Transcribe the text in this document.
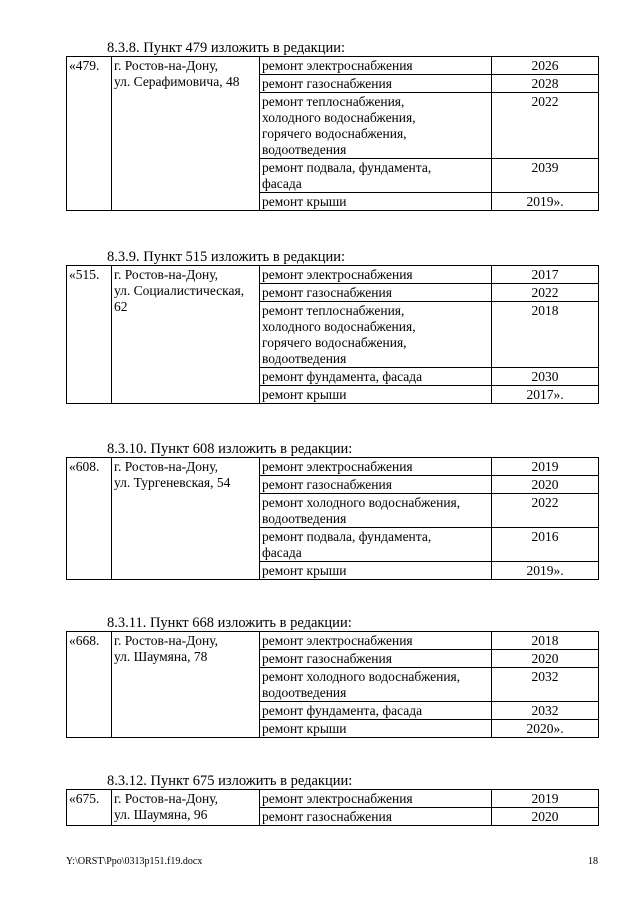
8.3.8. Пункт 479 изложить в редакции:
«479.	г. Ростов-на-Дону,
ул. Серафимовича, 48	ремонт электроснабжения	2026
		ремонт газоснабжения	2028
		ремонт теплоснабжения,
холодного водоснабжения,
горячего водоснабжения,
водоотведения	2022
		ремонт подвала, фундамента,
фасада	2039
		ремонт крыши	2019».
8.3.9. Пункт 515 изложить в редакции:
«515.	г. Ростов-на-Дону,
ул. Социалистическая,
62	ремонт электроснабжения	2017
		ремонт газоснабжения	2022
		ремонт теплоснабжения,
холодного водоснабжения,
горячего водоснабжения,
водоотведения	2018
		ремонт фундамента, фасада	2030
		ремонт крыши	2017».
8.3.10. Пункт 608 изложить в редакции:
«608.	г. Ростов-на-Дону,
ул. Тургеневская, 54	ремонт электроснабжения	2019
		ремонт газоснабжения	2020
		ремонт холодного водоснабжения,
водоотведения	2022
		ремонт подвала, фундамента,
фасада	2016
		ремонт крыши	2019».
8.3.11. Пункт 668 изложить в редакции:
«668.	г. Ростов-на-Дону,
ул. Шаумяна, 78	ремонт электроснабжения	2018
		ремонт газоснабжения	2020
		ремонт холодного водоснабжения,
водоотведения	2032
		ремонт фундамента, фасада	2032
		ремонт крыши	2020».
8.3.12. Пункт 675 изложить в редакции:
«675.	г. Ростов-на-Дону,
ул. Шаумяна, 96	ремонт электроснабжения	2019
		ремонт газоснабжения	2020
Y:\ORST\Ppo\0313p151.f19.docx	18
